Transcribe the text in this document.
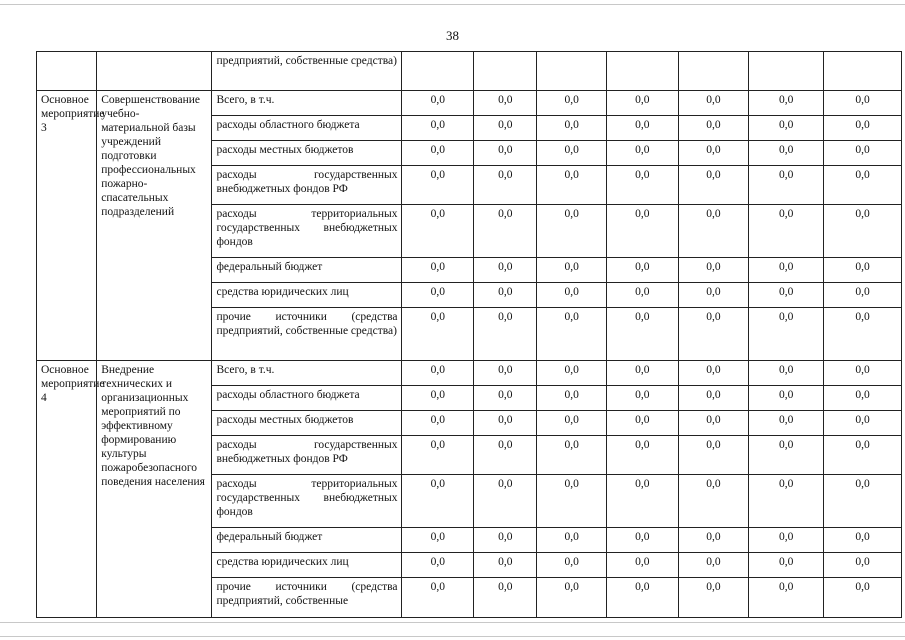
38
		предприятий, собственные средства)							
Основное мероприятие 3	Совершенствование учебно-материальной базы учреждений подготовки профессиональных пожарно-спасательных подразделений	Всего, в т.ч.	0,0	0,0	0,0	0,0	0,0	0,0	0,0
		расходы областного бюджета	0,0	0,0	0,0	0,0	0,0	0,0	0,0
		расходы местных бюджетов	0,0	0,0	0,0	0,0	0,0	0,0	0,0
		расходы государственных внебюджетных фондов РФ	0,0	0,0	0,0	0,0	0,0	0,0	0,0
		расходы территориальных государственных внебюджетных фондов	0,0	0,0	0,0	0,0	0,0	0,0	0,0
		федеральный бюджет	0,0	0,0	0,0	0,0	0,0	0,0	0,0
		средства юридических лиц	0,0	0,0	0,0	0,0	0,0	0,0	0,0
		прочие источники (средства предприятий, собственные средства)	0,0	0,0	0,0	0,0	0,0	0,0	0,0
Основное мероприятие 4	Внедрение технических и организационных мероприятий по эффективному формированию культуры пожаробезопасного поведения населения	Всего, в т.ч.	0,0	0,0	0,0	0,0	0,0	0,0	0,0
		расходы областного бюджета	0,0	0,0	0,0	0,0	0,0	0,0	0,0
		расходы местных бюджетов	0,0	0,0	0,0	0,0	0,0	0,0	0,0
		расходы государственных внебюджетных фондов РФ	0,0	0,0	0,0	0,0	0,0	0,0	0,0
		расходы территориальных государственных внебюджетных фондов	0,0	0,0	0,0	0,0	0,0	0,0	0,0
		федеральный бюджет	0,0	0,0	0,0	0,0	0,0	0,0	0,0
		средства юридических лиц	0,0	0,0	0,0	0,0	0,0	0,0	0,0
		прочие источники (средства предприятий, собственные	0,0	0,0	0,0	0,0	0,0	0,0	0,0
